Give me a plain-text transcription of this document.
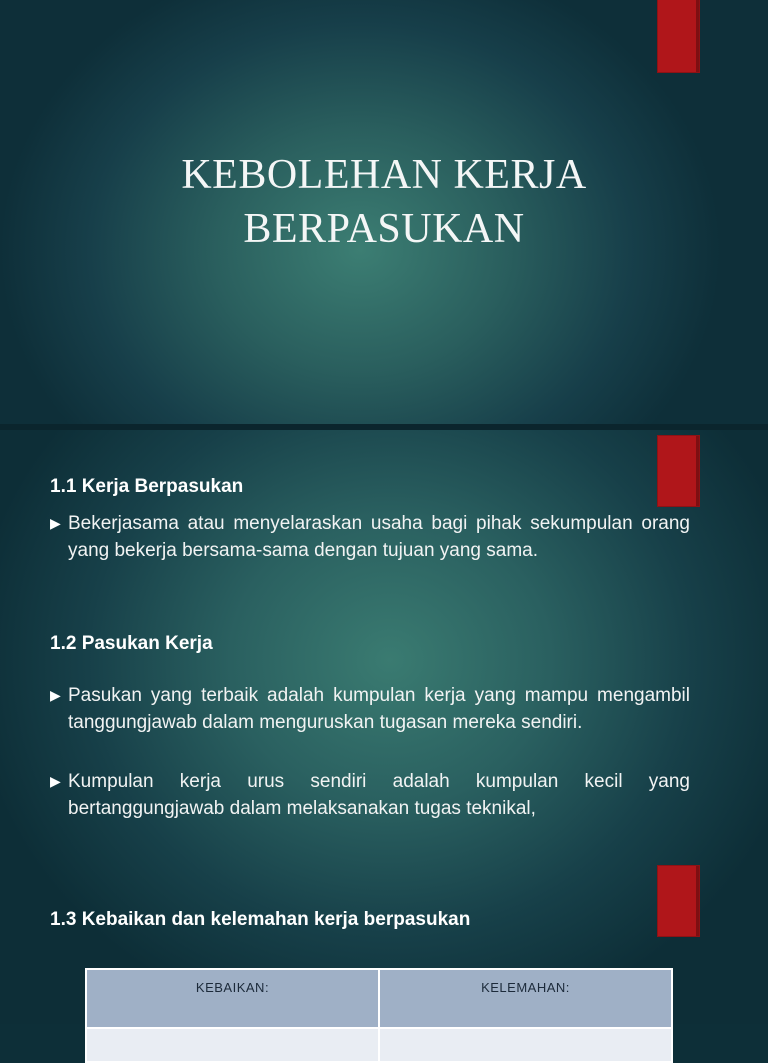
KEBOLEHAN KERJA
BERPASUKAN
1.1 Kerja Berpasukan
▶ Bekerjasama atau menyelaraskan usaha bagi pihak sekumpulan orang yang bekerja bersama-sama dengan tujuan yang sama.
1.2 Pasukan Kerja
▶ Pasukan yang terbaik adalah kumpulan kerja yang mampu mengambil tanggungjawab dalam menguruskan tugasan mereka sendiri.
▶ Kumpulan kerja urus sendiri adalah kumpulan kecil yang bertanggungjawab dalam melaksanakan tugas teknikal,
1.3 Kebaikan dan kelemahan kerja berpasukan
KEBAIKAN:	KELEMAHAN:
